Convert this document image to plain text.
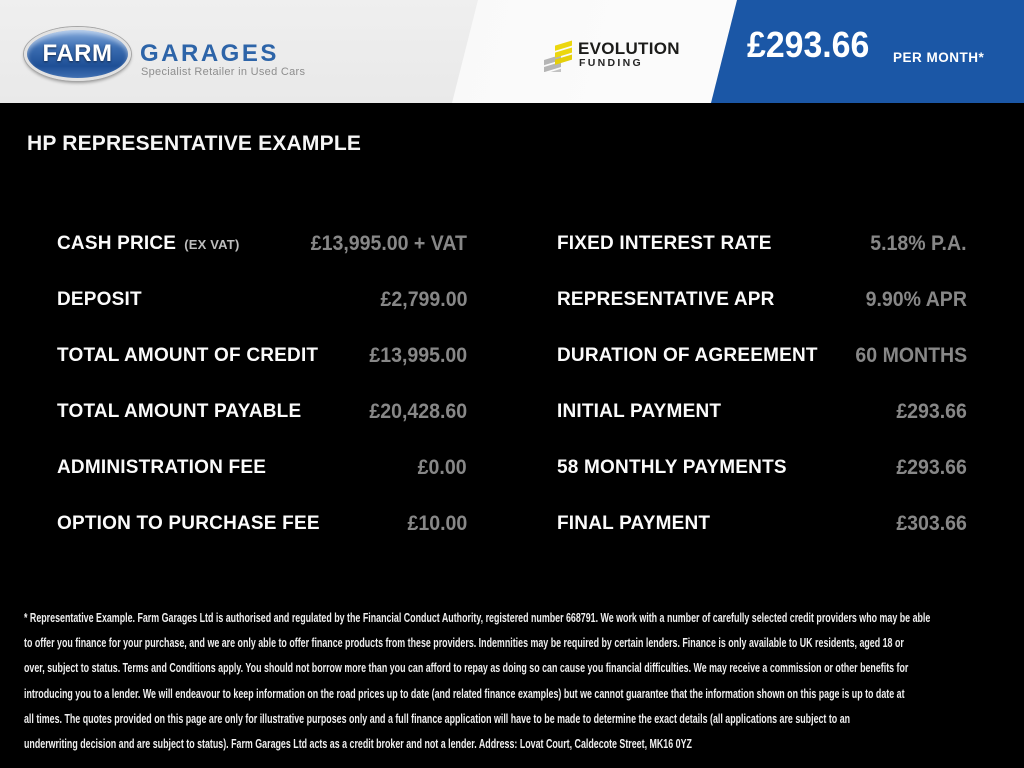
FARM GARAGES
Specialist Retailer in Used Cars
EVOLUTION
FUNDING	£293.66 PER MONTH*
HP REPRESENTATIVE EXAMPLE
CASH PRICE (EX VAT)	£13,995.00 + VAT
DEPOSIT	£2,799.00
TOTAL AMOUNT OF CREDIT £13,995.00
TOTAL AMOUNT PAYABLE	£20,428.60
ADMINISTRATION FEE	£0.00
OPTION TO PURCHASE FEE	£10.00
FIXED INTEREST RATE	5.18% P.A.
REPRESENTATIVE APR	9.90% APR
DURATION OF AGREEMENT 60 MONTHS
INITIAL PAYMENT	£293.66
58 MONTHLY PAYMENTS	£293.66
FINAL PAYMENT	£303.66
* Representative Example. Farm Garages Ltd is authorised and regulated by the Financial Conduct Authority, registered number 668791. We work with a number of carefully selected credit providers who may be able
to offer you finance for your purchase, and we are only able to offer finance products from these providers. Indemnities may be required by certain lenders. Finance is only available to UK residents, aged 18 or
over, subject to status. Terms and Conditions apply. You should not borrow more than you can afford to repay as doing so can cause you financial difficulties. We may receive a commission or other benefits for
introducing you to a lender. We will endeavour to keep information on the road prices up to date (and related finance examples) but we cannot guarantee that the information shown on this page is up to date at
all times. The quotes provided on this page are only for illustrative purposes only and a full finance application will have to be made to determine the exact details (all applications are subject to an
underwriting decision and are subject to status). Farm Garages Ltd acts as a credit broker and not a lender. Address: Lovat Court, Caldecote Street, MK16 0YZ
